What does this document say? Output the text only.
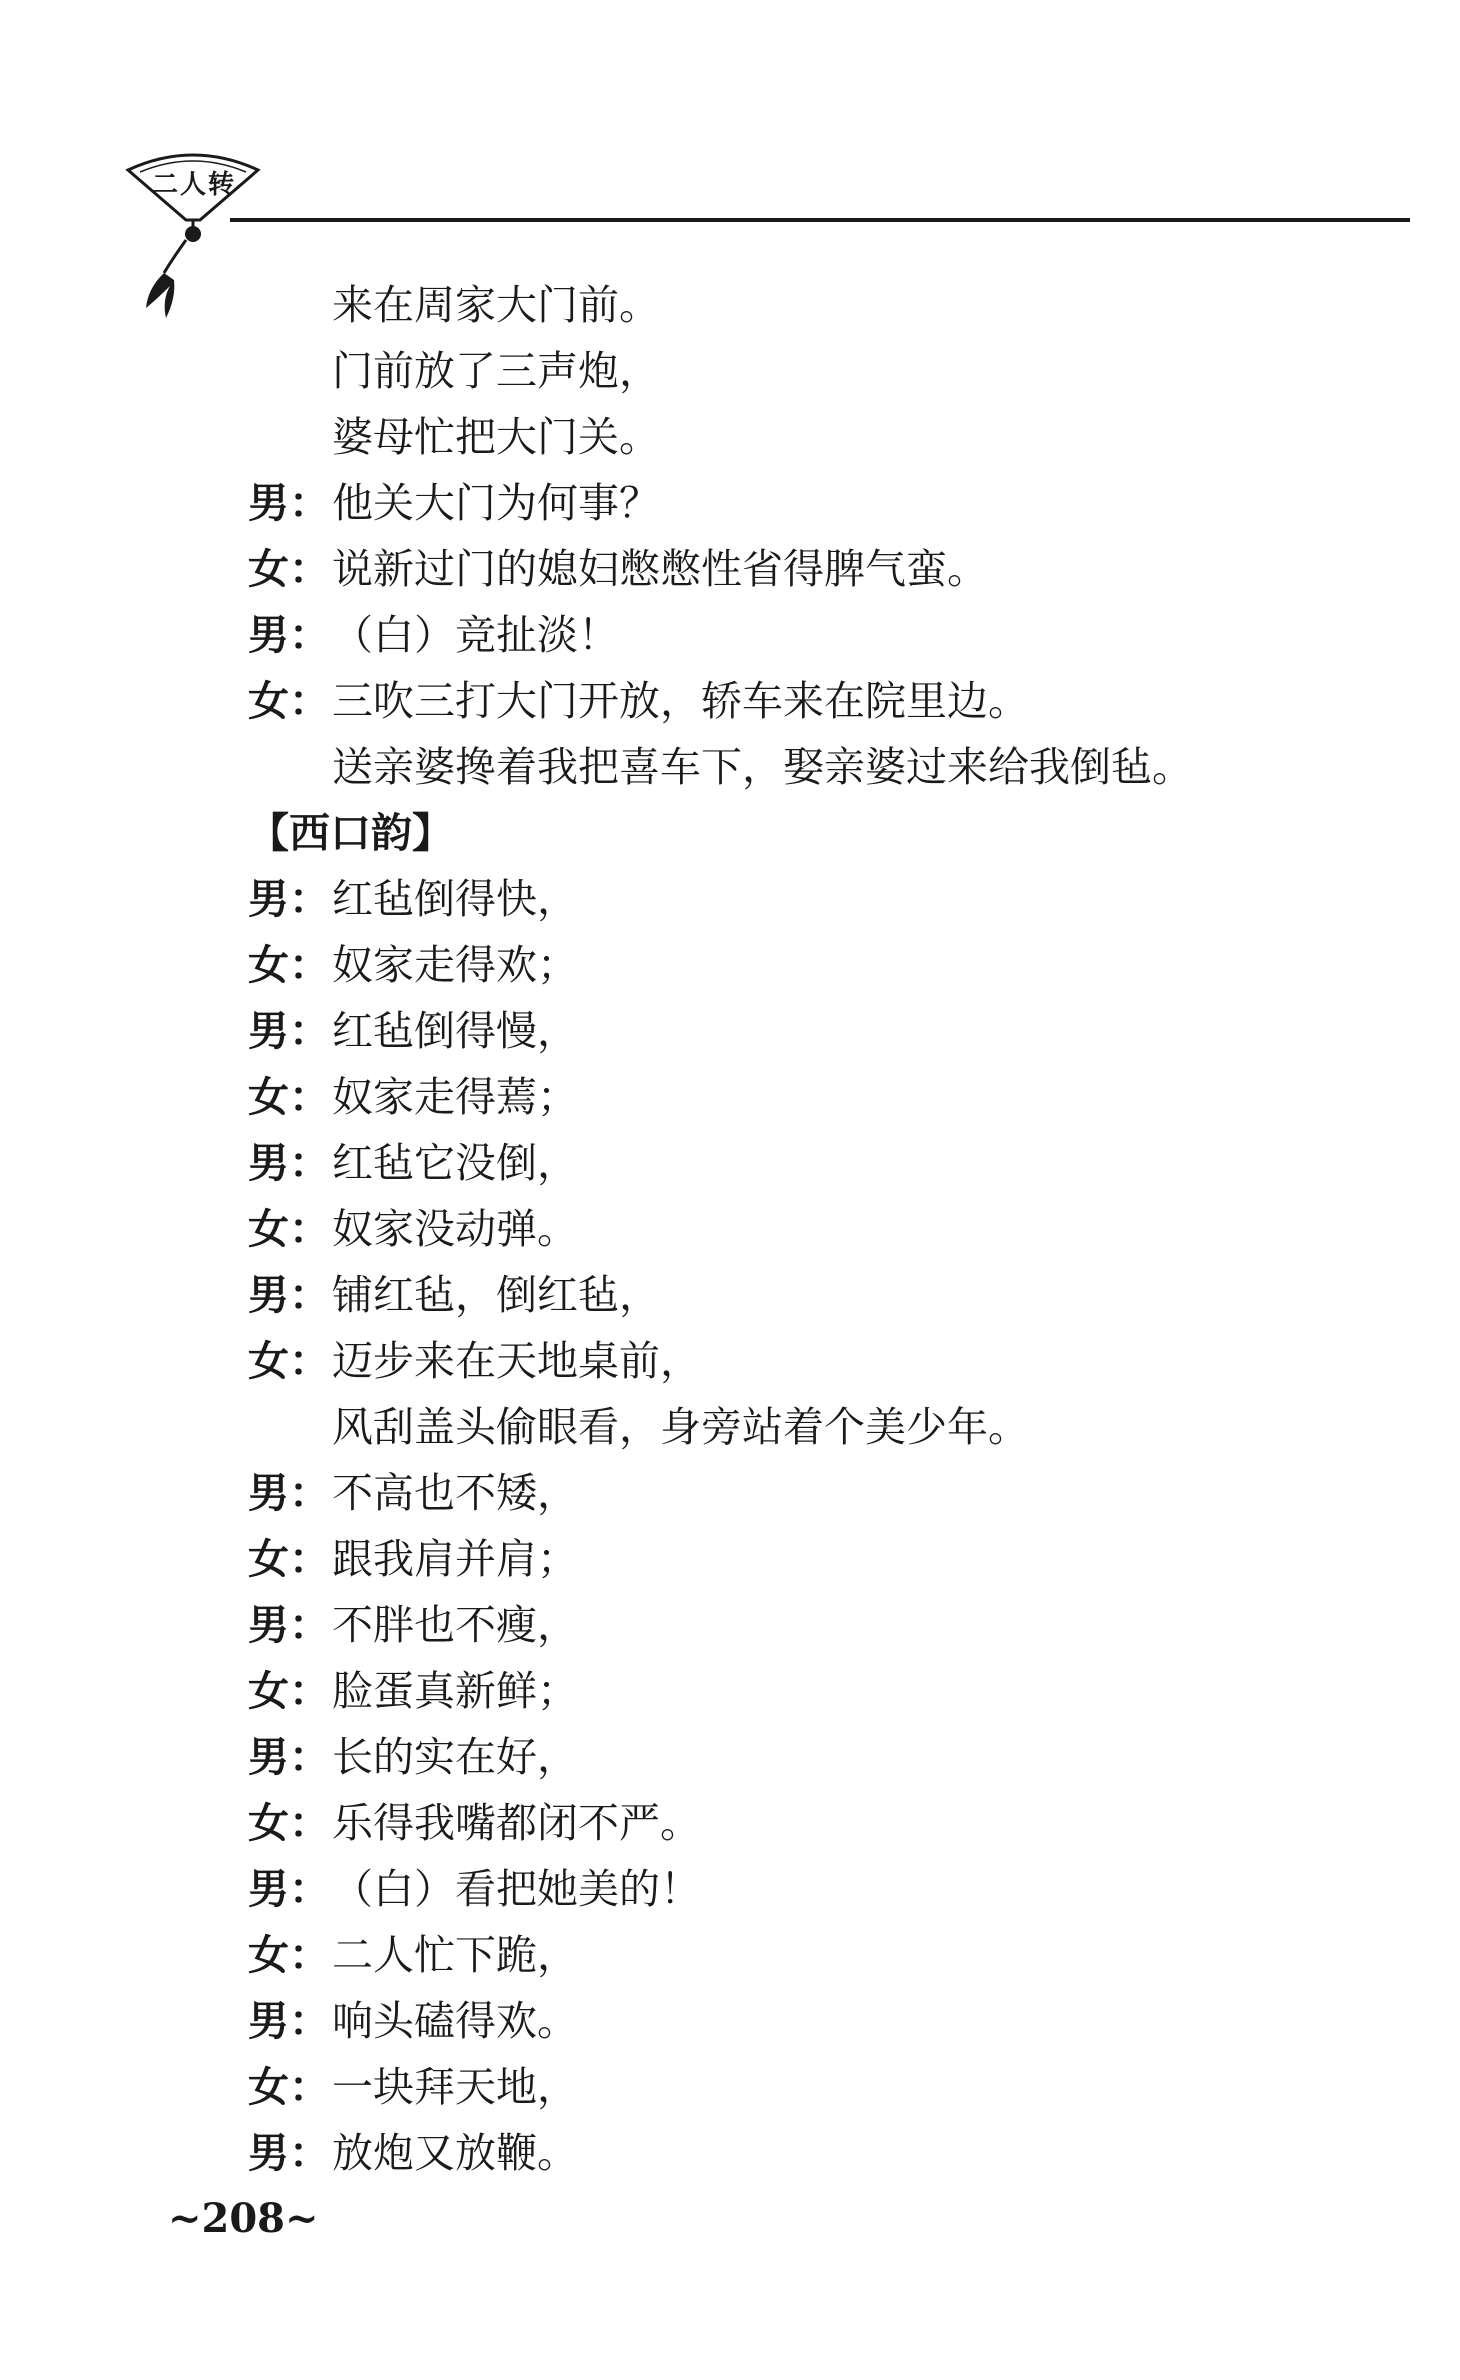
二人转
来在周家大门前。
门前放了三声炮，
婆母忙把大门关。
男： 他关大门为何事？
女： 说新过门的媳妇憋憋性省得脾气蛮。
男： （白）竞扯淡！
女： 三吹三打大门开放，轿车来在院里边。
送亲婆搀着我把喜车下，娶亲婆过来给我倒毡。
【西口韵】
男： 红毡倒得快，
女： 奴家走得欢；
男： 红毡倒得慢，
女： 奴家走得蔫；
男： 红毡它没倒，
女： 奴家没动弹。
男： 铺红毡，倒红毡，
女： 迈步来在天地桌前，
风刮盖头偷眼看，身旁站着个美少年。
男： 不高也不矮，
女： 跟我肩并肩；
男： 不胖也不瘦，
女： 脸蛋真新鲜；
男： 长的实在好，
女： 乐得我嘴都闭不严。
男： （白）看把她美的！
女： 二人忙下跪，
男： 响头磕得欢。
女： 一块拜天地，
男： 放炮又放鞭。
~208~
